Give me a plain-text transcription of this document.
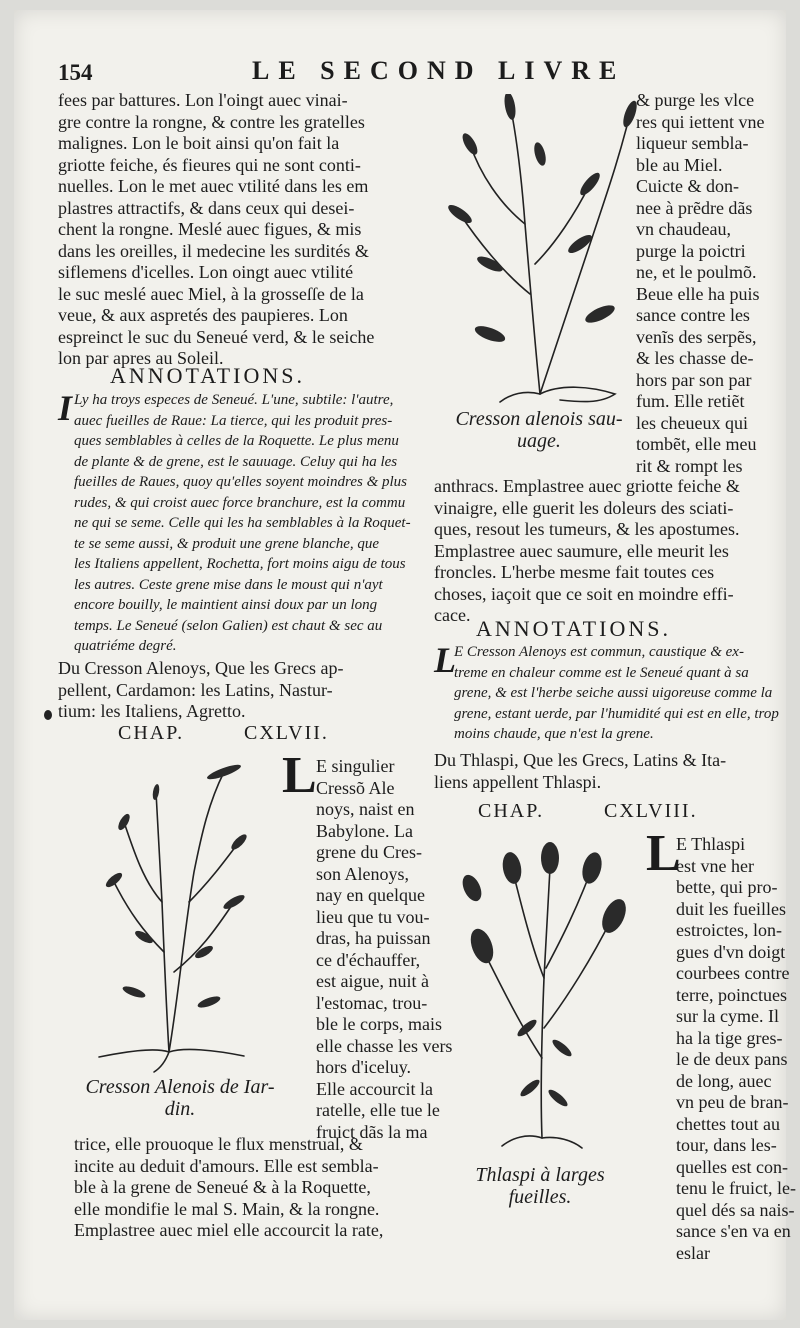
154	LE SECOND LIVRE
fees par battures. Lon l'oingt auec vinai-
gre contre la rongne, & contre les gratelles
malignes. Lon le boit ainsi qu'on fait la
griotte feiche, és fieures qui ne sont conti-
nuelles. Lon le met auec vtilité dans les em
plastres attractifs, & dans ceux qui desei-
chent la rongne. Meslé auec figues, & mis
dans les oreilles, il medecine les surdités &
siflemens d'icelles. Lon oingt auec vtilité
le suc meslé auec Miel, à la grosseſſe de la
veue, & aux aspretés des paupieres. Lon
espreinct le suc du Seneué verd, & le seiche
lon par apres au Soleil.
ANNOTATIONS.
I Ly ha troys especes de Seneué. L'une, subtile: l'autre,
auec fueilles de Raue: La tierce, qui les produit pres-
ques semblables à celles de la Roquette. Le plus menu
de plante & de grene, est le sauuage. Celuy qui ha les
fueilles de Raues, quoy qu'elles soyent moindres & plus
rudes, & qui croist auec force branchure, est la commu
ne qui se seme. Celle qui les ha semblables à la Roquet-
te se seme aussi, & produit une grene blanche, que
les Italiens appellent, Rochetta, fort moins aigu de tous
les autres. Ceste grene mise dans le moust qui n'ayt
encore bouilly, le maintient ainsi doux par un long
temps. Le Seneué (selon Galien) est chaut & sec au
quatriéme degré.
Du Cresson Alenoys, Que les Grecs ap-
pellent, Cardamon: les Latins, Nastur-
tium: les Italiens, Agretto.
CHAP.	CXLVII.
L E singulier
Cressõ Ale
noys, naist en
Babylone. La
grene du Cres-
son Alenoys,
nay en quelque
lieu que tu vou-
dras, ha puissan
ce d'échauffer,
est aigue, nuit à
l'estomac, trou-
ble le corps, mais
elle chasse les vers
hors d'iceluy.
Elle accourcit la
ratelle, elle tue le
fruict dãs la ma
Cresson Alenois de Iar-
din.
trice, elle prouoque le flux menstrual, &
incite au deduit d'amours. Elle est sembla-
ble à la grene de Seneué & à la Roquette,
elle mondifie le mal S. Main, & la rongne.
Emplastree auec miel elle accourcit la rate,
Cresson alenois sau-
uage.
& purge les vlce
res qui iettent vne
liqueur sembla-
ble au Miel.
Cuicte & don-
nee à prẽdre dãs
vn chaudeau,
purge la poictri
ne, et le poulmõ.
Beue elle ha puis
sance contre les
venĩs des serpẽs,
& les chasse de-
hors par son par
fum. Elle retiẽt
les cheueux qui
tombẽt, elle meu
rit & rompt les
anthracs. Emplastree auec griotte feiche &
vinaigre, elle guerit les doleurs des sciati-
ques, resout les tumeurs, & les apostumes.
Emplastree auec saumure, elle meurit les
froncles. L'herbe mesme fait toutes ces
choses, iaçoit que ce soit en moindre effi-
cace.
ANNOTATIONS.
L
E Cresson Alenoys est commun, caustique & ex-
treme en chaleur comme est le Seneué quant à sa
grene, & est l'herbe seiche aussi uigoreuse comme la
grene, estant uerde, par l'humidité qui est en elle, trop
moins chaude, que n'est la grene.
Du Thlaspi, Que les Grecs, Latins & Ita-
liens appellent Thlaspi.
CHAP.	CXLVIII.
Thlaspi à larges
fueilles.
L
E Thlaspi
est vne her
bette, qui pro-
duit les fueilles
estroictes, lon-
gues d'vn doigt
courbees contre
terre, poinctues
sur la cyme. Il
ha la tige gres-
le de deux pans
de long, auec
vn peu de bran-
chettes tout au
tour, dans les-
quelles est con-
tenu le fruict, le-
quel dés sa nais-
sance s'en va en
eslar
